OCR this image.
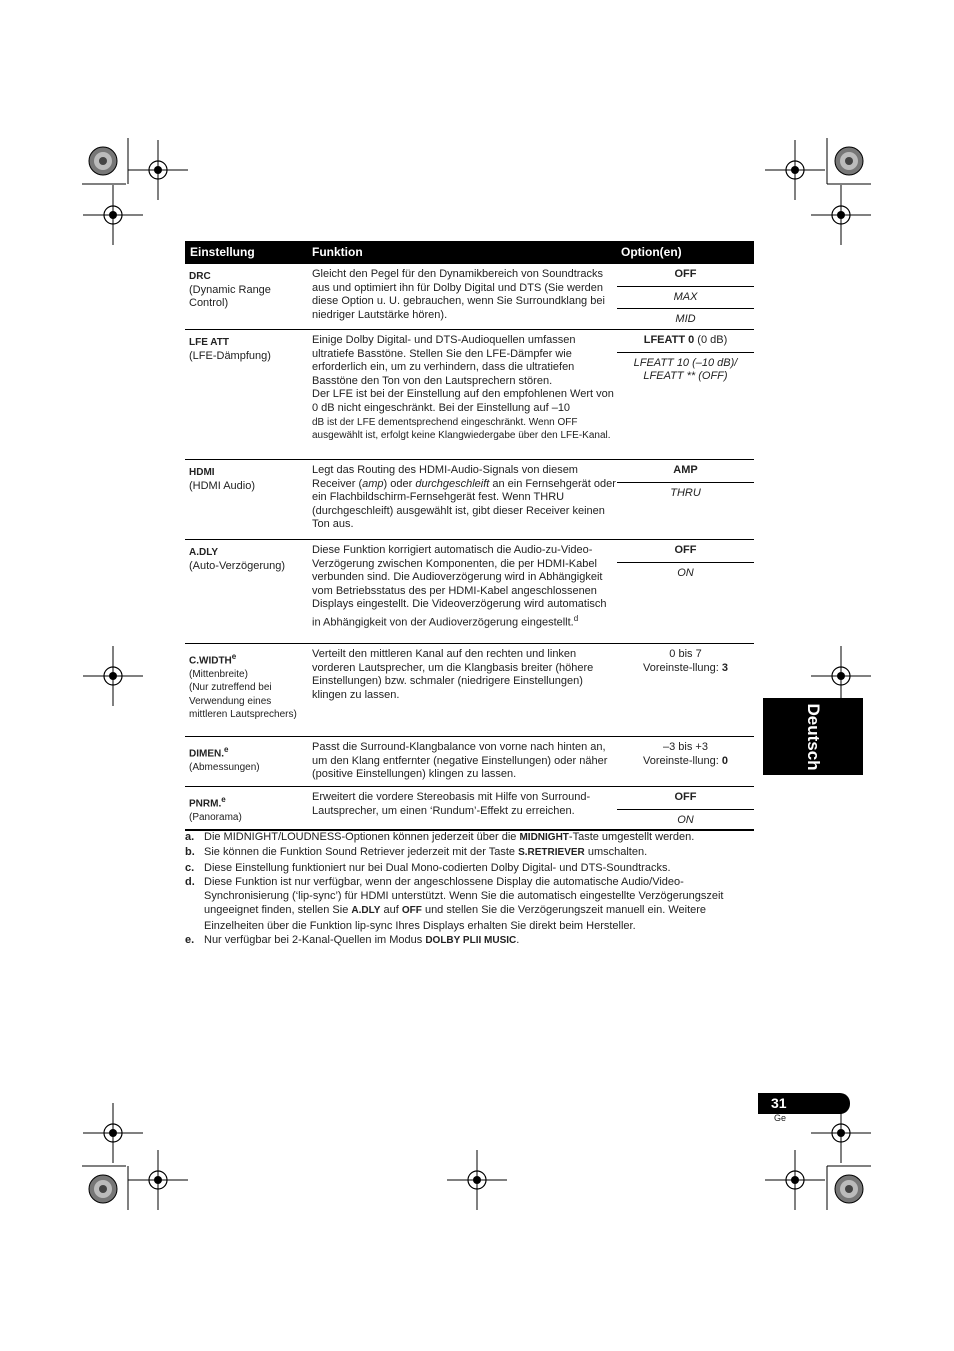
Einstellung	Funktion	Option(en)
DRC
(Dynamic Range Control)
Gleicht den Pegel für den Dynamikbereich von Soundtracks aus und optimiert ihn für Dolby Digital und DTS (Sie werden diese Option u. U. gebrauchen, wenn Sie Surroundklang bei niedriger Lautstärke hören).
OFF
MAX
MID
LFE ATT
(LFE-Dämpfung)
Einige Dolby Digital- und DTS-Audioquellen umfassen ultratiefe Basstöne. Stellen Sie den LFE-Dämpfer wie erforderlich ein, um zu verhindern, dass die ultratiefen Basstöne den Ton von den Lautsprechern stören.
Der LFE ist bei der Einstellung auf den empfohlenen Wert von 0 dB nicht eingeschränkt. Bei der Einstellung auf –10
dB ist der LFE dementsprechend eingeschränkt. Wenn OFF ausgewählt ist, erfolgt keine Klangwiedergabe über den LFE-Kanal.
LFEATT 0 (0 dB)
LFEATT 10 (–10 dB)/ LFEATT ** (OFF)
HDMI
(HDMI Audio)
Legt das Routing des HDMI-Audio-Signals von diesem Receiver (amp) oder durchgeschleift an ein Fernsehgerät oder ein Flachbildschirm-Fernsehgerät fest. Wenn THRU (durchgeschleift) ausgewählt ist, gibt dieser Receiver keinen Ton aus.
AMP
THRU
A.DLY
(Auto-Verzögerung)
Diese Funktion korrigiert automatisch die Audio-zu-Video-Verzögerung zwischen Komponenten, die per HDMI-Kabel verbunden sind. Die Audioverzögerung wird in Abhängigkeit vom Betriebsstatus des per HDMI-Kabel angeschlossenen Displays eingestellt. Die Videoverzögerung wird automatisch in Abhängigkeit von der Audioverzögerung eingestellt.$^d$
OFF
ON
C.WIDTH$^e$
(Mittenbreite)
(Nur zutreffend bei Verwendung eines mittleren Lautsprechers)
Verteilt den mittleren Kanal auf den rechten und linken vorderen Lautsprecher, um die Klangbasis breiter (höhere Einstellungen) bzw. schmaler (niedrigere Einstellungen) klingen zu lassen.
0 bis 7
Voreinste-llung: 3
DIMEN.$^e$
(Abmessungen)
Passt die Surround-Klangbalance von vorne nach hinten an, um den Klang entfernter (negative Einstellungen) oder näher (positive Einstellungen) klingen zu lassen.
–3 bis +3
Voreinste-llung: 0
PNRM.$^e$
(Panorama)
Erweitert die vordere Stereobasis mit Hilfe von Surround-Lautsprecher, um einen ‘Rundum’-Effekt zu erreichen.
OFF
ON
a. Die MIDNIGHT/LOUDNESS-Optionen können jederzeit über die MIDNIGHT-Taste umgestellt werden.
b. Sie können die Funktion Sound Retriever jederzeit mit der Taste S.RETRIEVER umschalten.
c. Diese Einstellung funktioniert nur bei Dual Mono-codierten Dolby Digital- und DTS-Soundtracks.
d. Diese Funktion ist nur verfügbar, wenn der angeschlossene Display die automatische Audio/Video-Synchronisierung (‘lip-sync’) für HDMI unterstützt. Wenn Sie die automatisch eingestellte Verzögerungszeit ungeeignet finden, stellen Sie A.DLY auf OFF und stellen Sie die Verzögerungszeit manuell ein. Weitere Einzelheiten über die Funktion lip-sync Ihres Displays erhalten Sie direkt beim Hersteller.
e. Nur verfügbar bei 2-Kanal-Quellen im Modus DOLBY PLII MUSIC.
Deutsch
31
Ge
